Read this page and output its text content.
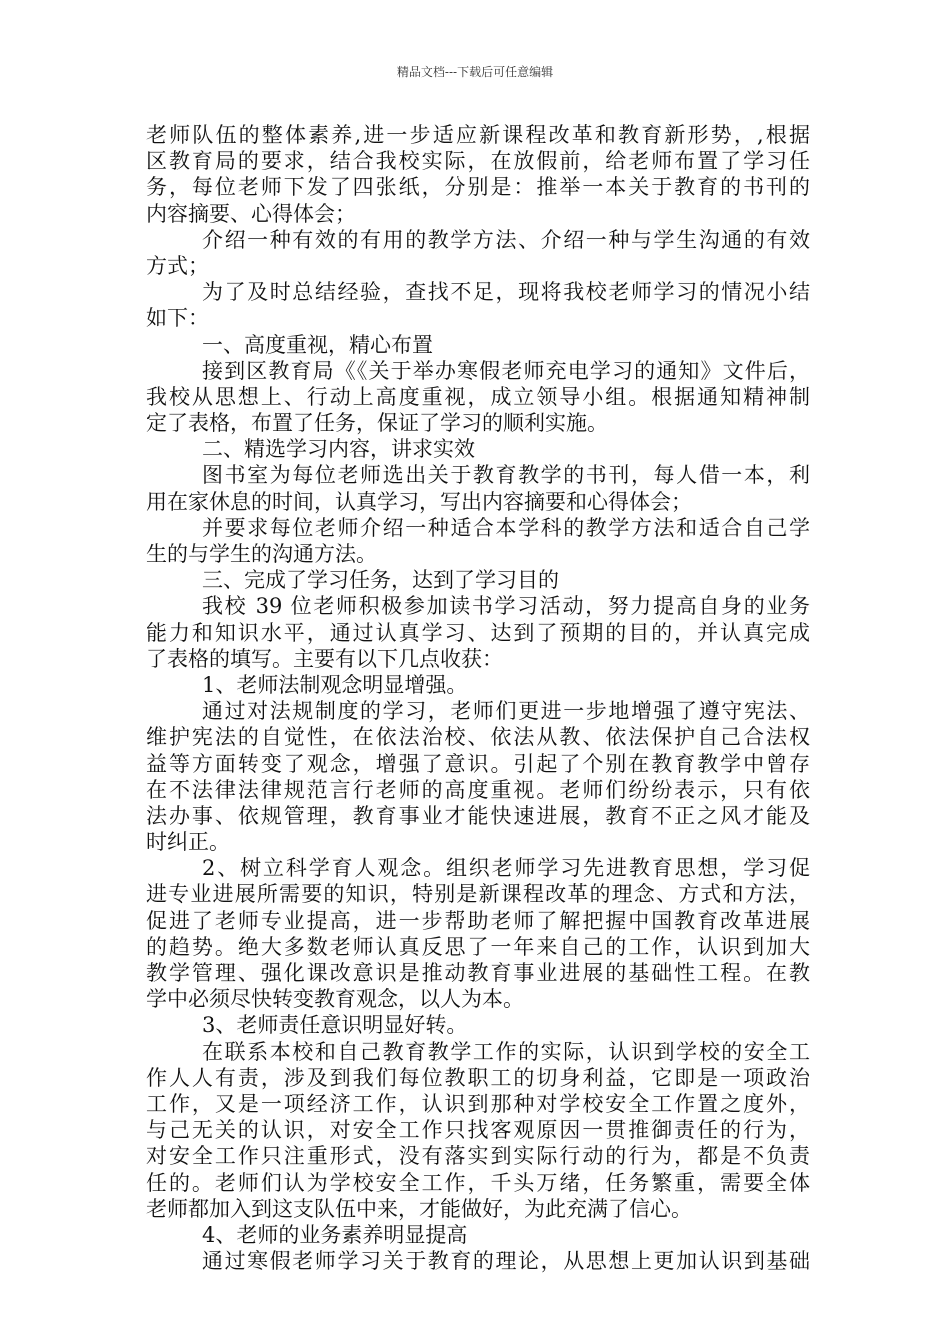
精品文档---下载后可任意编辑
老师队伍的整体素养,进一步适应新课程改革和教育新形势，,根据
区教育局的要求，结合我校实际，在放假前，给老师布置了学习任
务，每位老师下发了四张纸，分别是：推举一本关于教育的书刊的
内容摘要、心得体会；
介绍一种有效的有用的教学方法、介绍一种与学生沟通的有效
方式；
为了及时总结经验，查找不足，现将我校老师学习的情况小结
如下：
一、高度重视，精心布置
接到区教育局《《关于举办寒假老师充电学习的通知》文件后，
我校从思想上、行动上高度重视，成立领导小组。根据通知精神制
定了表格，布置了任务，保证了学习的顺利实施。
二、精选学习内容，讲求实效
图书室为每位老师选出关于教育教学的书刊，每人借一本，利
用在家休息的时间，认真学习，写出内容摘要和心得体会；
并要求每位老师介绍一种适合本学科的教学方法和适合自己学
生的与学生的沟通方法。
三、完成了学习任务，达到了学习目的
我校 39 位老师积极参加读书学习活动，努力提高自身的业务
能力和知识水平，通过认真学习、达到了预期的目的，并认真完成
了表格的填写。主要有以下几点收获：
1、老师法制观念明显增强。
通过对法规制度的学习，老师们更进一步地增强了遵守宪法、
维护宪法的自觉性，在依法治校、依法从教、依法保护自己合法权
益等方面转变了观念，增强了意识。引起了个别在教育教学中曾存
在不法律法律规范言行老师的高度重视。老师们纷纷表示，只有依
法办事、依规管理，教育事业才能快速进展，教育不正之风才能及
时纠正。
2、树立科学育人观念。组织老师学习先进教育思想，学习促
进专业进展所需要的知识，特别是新课程改革的理念、方式和方法，
促进了老师专业提高，进一步帮助老师了解把握中国教育改革进展
的趋势。绝大多数老师认真反思了一年来自己的工作，认识到加大
教学管理、强化课改意识是推动教育事业进展的基础性工程。在教
学中必须尽快转变教育观念，以人为本。
3、老师责任意识明显好转。
在联系本校和自己教育教学工作的实际，认识到学校的安全工
作人人有责，涉及到我们每位教职工的切身利益，它即是一项政治
工作，又是一项经济工作，认识到那种对学校安全工作置之度外，
与己无关的认识，对安全工作只找客观原因一贯推御责任的行为，
对安全工作只注重形式，没有落实到实际行动的行为，都是不负责
任的。老师们认为学校安全工作，千头万绪，任务繁重，需要全体
老师都加入到这支队伍中来，才能做好，为此充满了信心。
4、老师的业务素养明显提高
通过寒假老师学习关于教育的理论，从思想上更加认识到基础
